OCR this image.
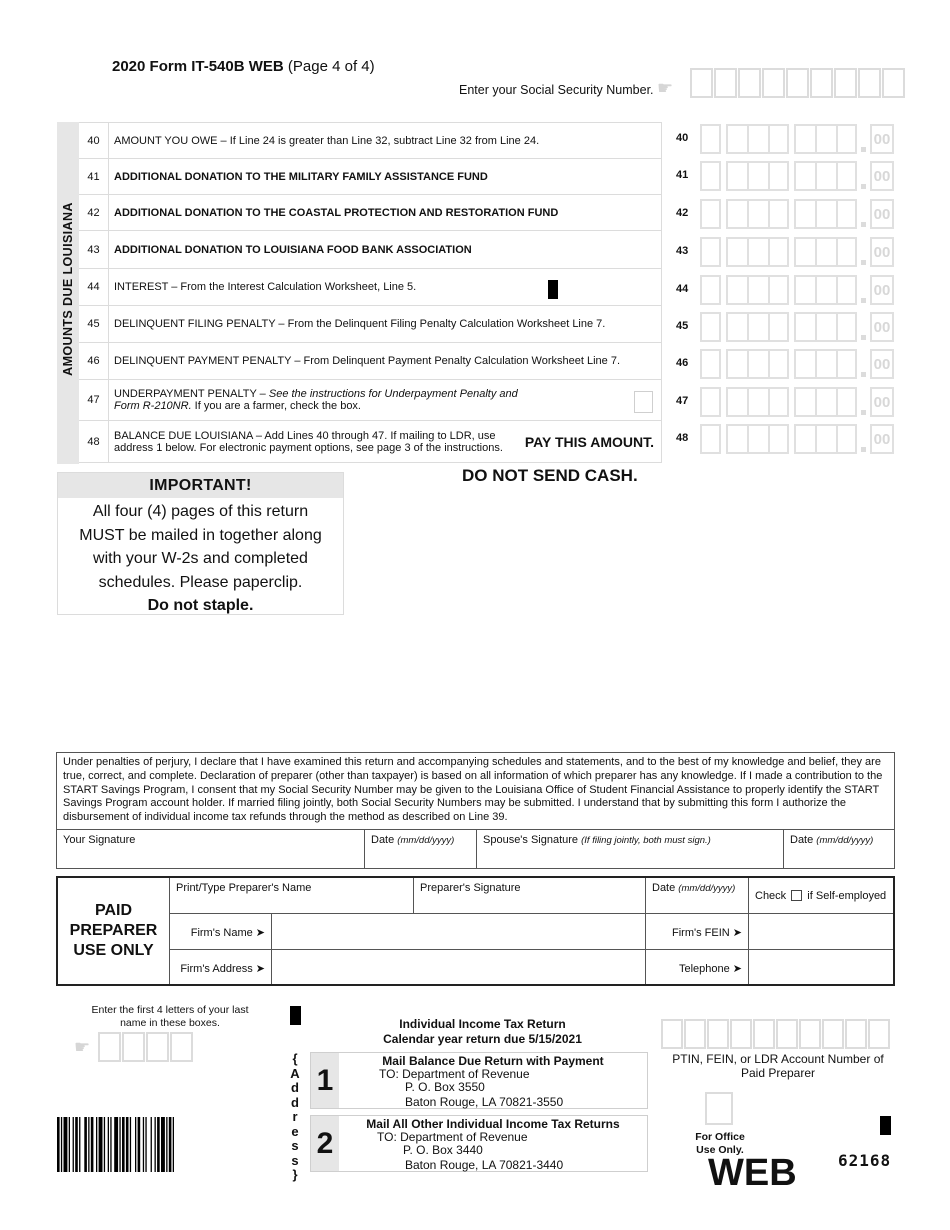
2020 Form IT-540B WEB (Page 4 of 4)
Enter your Social Security Number. ☛
AMOUNTS DUE LOUISIANA
40	AMOUNT YOU OWE – If Line 24 is greater than Line 32, subtract Line 32 from Line 24.
41	ADDITIONAL DONATION TO THE MILITARY FAMILY ASSISTANCE FUND
42	ADDITIONAL DONATION TO THE COASTAL PROTECTION AND RESTORATION FUND
43	ADDITIONAL DONATION TO LOUISIANA FOOD BANK ASSOCIATION
44	INTEREST – From the Interest Calculation Worksheet, Line 5.
45	DELINQUENT FILING PENALTY – From the Delinquent Filing Penalty Calculation Worksheet Line 7.
46	DELINQUENT PAYMENT PENALTY – From Delinquent Payment Penalty Calculation Worksheet Line 7.
47	UNDERPAYMENT PENALTY – See the instructions for Underpayment Penalty and
Form R-210NR. If you are a farmer, check the box.
48	BALANCE DUE LOUISIANA – Add Lines 40 through 47. If mailing to LDR, use
address 1 below. For electronic payment options, see page 3 of the instructions.	PAY THIS AMOUNT.
DO NOT SEND CASH.
40	00
41	00
42	00
43	00
44	00
45	00
46	00
47	00
48	00
IMPORTANT!
All four (4) pages of this return
MUST be mailed in together along
with your W-2s and completed
schedules. Please paperclip.
Do not staple.
Under penalties of perjury, I declare that I have examined this return and accompanying schedules and statements, and to the best of my knowledge and belief, they are true, correct, and complete. Declaration of preparer (other than taxpayer) is based on all information of which preparer has any knowledge. If I made a contribution to the START Savings Program, I consent that my Social Security Number may be given to the Louisiana Office of Student Financial Assistance to properly identify the START Savings Program account holder. If married filing jointly, both Social Security Numbers may be submitted. I understand that by submitting this form I authorize the disbursement of individual income tax refunds through the method as described on Line 39.
Your Signature	Date (mm/dd/yyyy)	Spouse's Signature (If filing jointly, both must sign.)	Date (mm/dd/yyyy)
PAID
PREPARER
USE ONLY
Print/Type Preparer's Name	Preparer's Signature	Date (mm/dd/yyyy)
Check  if Self-employed
Firm's Name ➤	Firm's FEIN ➤
Firm's Address ➤	Telephone ➤
Enter the first 4 letters of your last name in these boxes.
☛
Individual Income Tax Return
Calendar year return due 5/15/2021
{
A
d
d
r
e
s
s
}
1
Mail Balance Due Return with Payment
TO: Department of Revenue
P. O. Box 3550
Baton Rouge, LA 70821-3550
2
Mail All Other Individual Income Tax Returns
TO: Department of Revenue
P. O. Box 3440
Baton Rouge, LA 70821-3440
PTIN, FEIN, or LDR Account Number of Paid Preparer
For Office Use Only.
WEB	62168
